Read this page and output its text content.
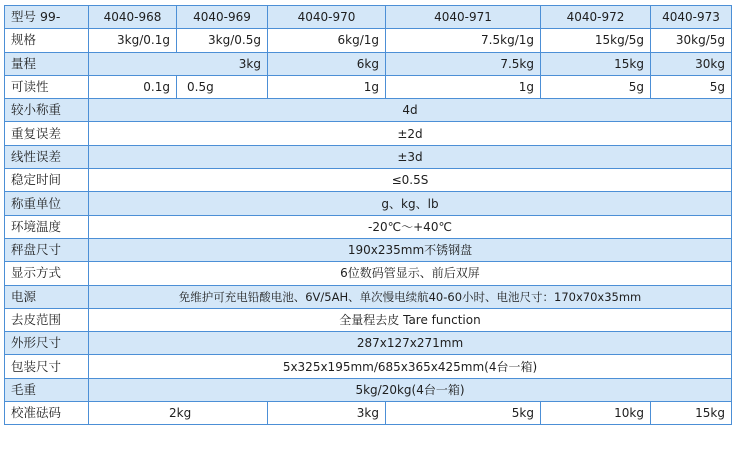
型号 99-	4040-968	4040-969	4040-970	4040-971	4040-972	4040-973
规格	3kg/0.1g	3kg/0.5g	6kg/1g	7.5kg/1g	15kg/5g	30kg/5g
量程	3kg		6kg	7.5kg	15kg	30kg
可读性	0.1g	0.5g	1g	1g	5g	5g
较小称重	4d					
重复误差	±2d					
线性误差	±3d					
稳定时间	≤0.5S					
称重单位	g、kg、lb					
环境温度	-20℃～+40℃					
秤盘尺寸	190x235mm不锈钢盘					
显示方式	6位数码管显示、前后双屏					
电源	免维护可充电铅酸电池、6V/5AH、单次慢电续航40-60小时、电池尺寸：170x70x35mm					
去皮范围	全量程去皮 Tare function					
外形尺寸	287x127x271mm					
包装尺寸	5x325x195mm/685x365x425mm(4台一箱)					
毛重	5kg/20kg(4台一箱)					
校准砝码	2kg		3kg	5kg	10kg	15kg
